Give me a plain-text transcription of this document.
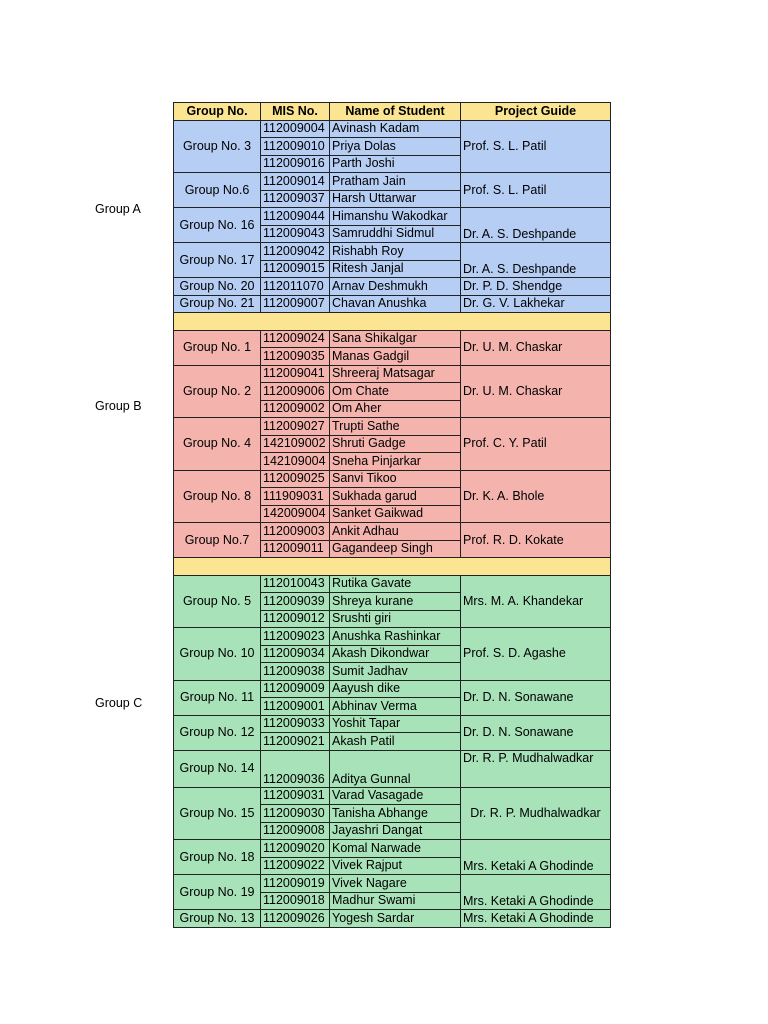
Group A
Group B
Group C
Group No.	MIS No.	Name of Student	Project Guide
Group No. 3	112009004	Avinash Kadam	Prof. S. L. Patil
	112009010	Priya Dolas	
	112009016	Parth Joshi	
Group No.6	112009014	Pratham Jain	Prof. S. L. Patil
	112009037	Harsh Uttarwar	
Group No. 16	112009044	Himanshu Wakodkar	Dr. A. S. Deshpande
	112009043	Samruddhi Sidmul	
Group No. 17	112009042	Rishabh Roy	Dr. A. S. Deshpande
	112009015	Ritesh Janjal	
Group No. 20	112011070	Arnav Deshmukh	Dr. P. D. Shendge
Group No. 21	112009007	Chavan Anushka	Dr. G. V. Lakhekar

Group No. 1	112009024	Sana Shikalgar	Dr. U. M. Chaskar
	112009035	Manas Gadgil	
Group No. 2	112009041	Shreeraj Matsagar	Dr. U. M. Chaskar
	112009006	Om Chate	
	112009002	Om Aher	
Group No. 4	112009027	Trupti Sathe	Prof. C. Y. Patil
	142109002	Shruti Gadge	
	142109004	Sneha Pinjarkar	
Group No. 8	112009025	Sanvi Tikoo	Dr. K. A. Bhole
	111909031	Sukhada garud	
	142009004	Sanket Gaikwad	
Group No.7	112009003	Ankit Adhau	Prof. R. D. Kokate
	112009011	Gagandeep Singh	

Group No. 5	112010043	Rutika Gavate	Mrs. M. A. Khandekar
	112009039	Shreya kurane	
	112009012	Srushti giri	
Group No. 10	112009023	Anushka Rashinkar	Prof. S. D. Agashe
	112009034	Akash Dikondwar	
	112009038	Sumit Jadhav	
Group No. 11	112009009	Aayush dike	Dr. D. N. Sonawane
	112009001	Abhinav Verma	
Group No. 12	112009033	Yoshit Tapar	Dr. D. N. Sonawane
	112009021	Akash Patil	
Group No. 14	112009036	Aditya Gunnal	Dr. R. P. Mudhalwadkar
Group No. 15	112009031	Varad Vasagade	Dr. R. P. Mudhalwadkar
	112009030	Tanisha Abhange	
	112009008	Jayashri Dangat	
Group No. 18	112009020	Komal Narwade	Mrs. Ketaki A Ghodinde
	112009022	Vivek Rajput	
Group No. 19	112009019	Vivek Nagare	Mrs. Ketaki A Ghodinde
	112009018	Madhur Swami	
Group No. 13	112009026	Yogesh Sardar	Mrs. Ketaki A Ghodinde
